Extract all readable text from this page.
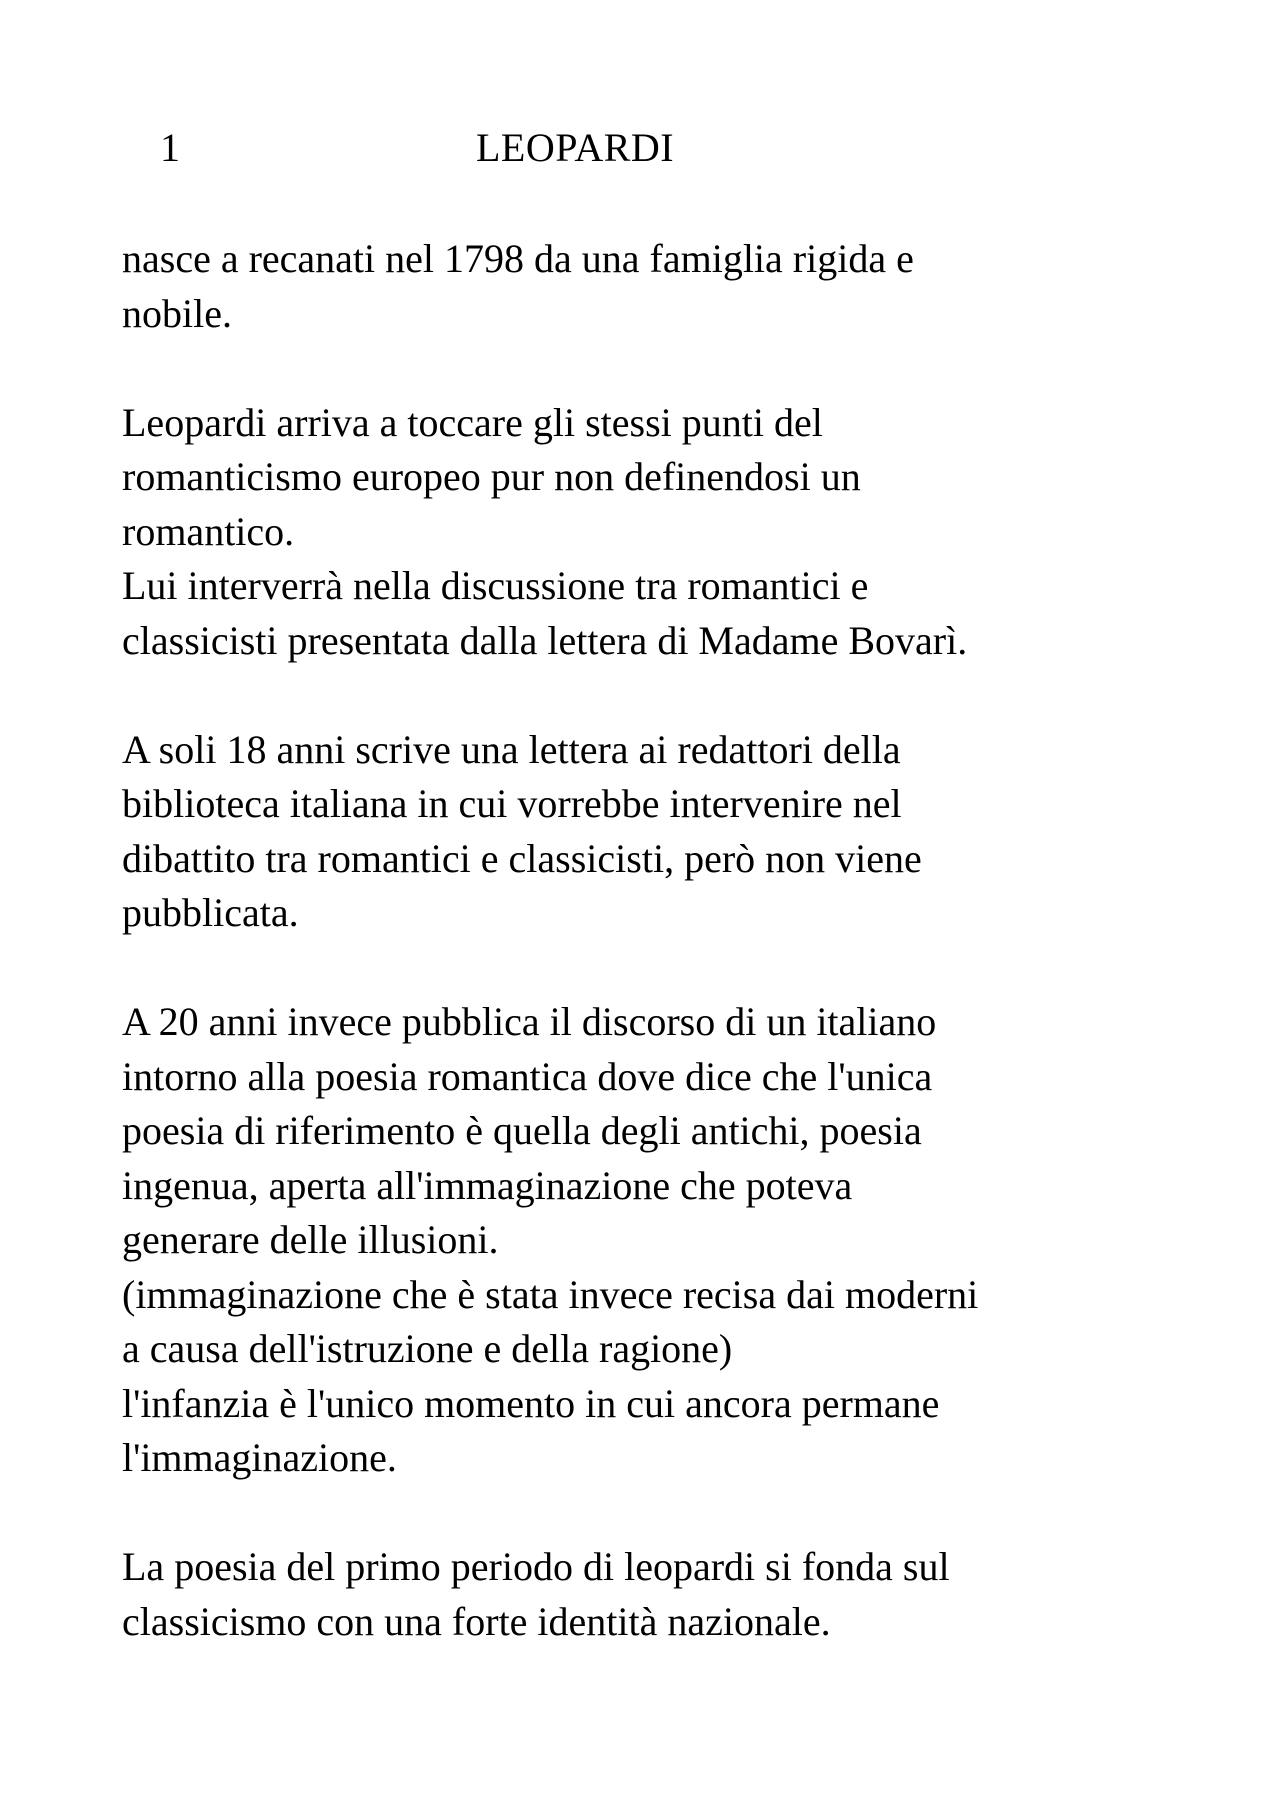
1	LEOPARDI
nasce a recanati nel 1798 da una famiglia rigida e
nobile.
Leopardi arriva a toccare gli stessi punti del
romanticismo europeo pur non definendosi un
romantico.
Lui interverrà nella discussione tra romantici e
classicisti presentata dalla lettera di Madame Bovarì.
A soli 18 anni scrive una lettera ai redattori della
biblioteca italiana in cui vorrebbe intervenire nel
dibattito tra romantici e classicisti, però non viene
pubblicata.
A 20 anni invece pubblica il discorso di un italiano
intorno alla poesia romantica dove dice che l'unica
poesia di riferimento è quella degli antichi, poesia
ingenua, aperta all'immaginazione che poteva
generare delle illusioni.
(immaginazione che è stata invece recisa dai moderni
a causa dell'istruzione e della ragione)
l'infanzia è l'unico momento in cui ancora permane
l'immaginazione.
La poesia del primo periodo di leopardi si fonda sul
classicismo con una forte identità nazionale.
